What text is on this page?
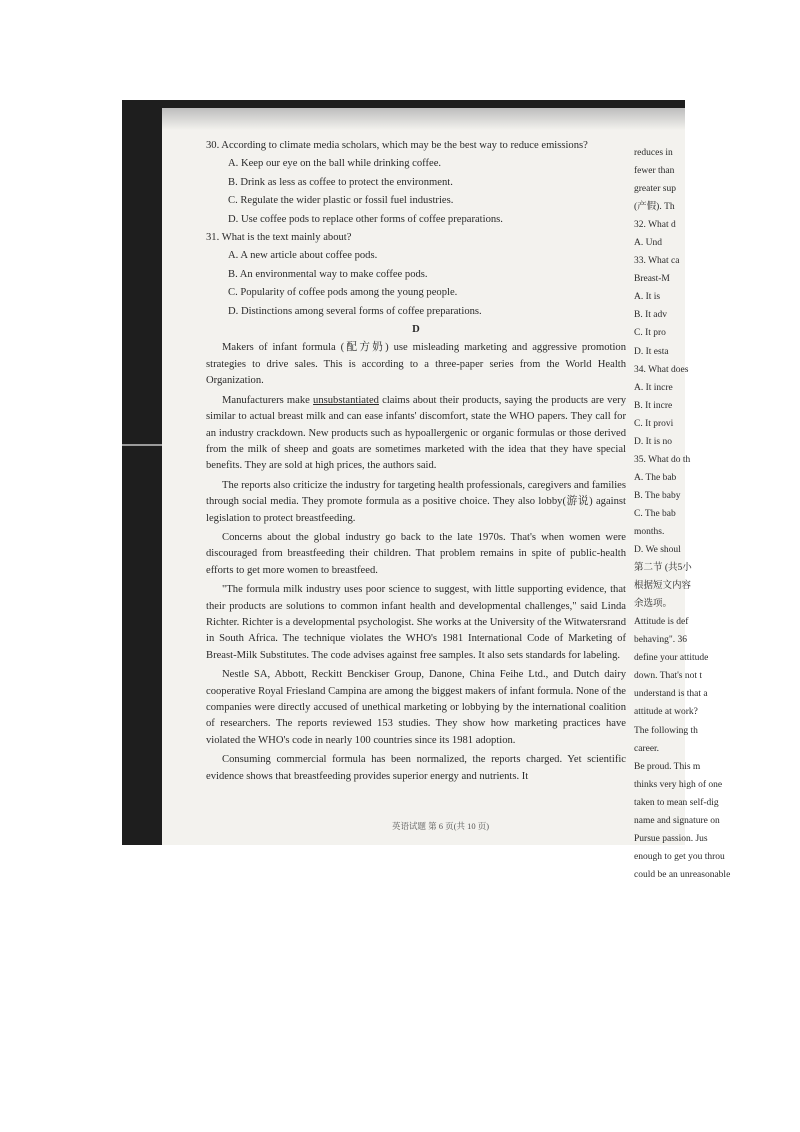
30. According to climate media scholars, which may be the best way to reduce emissions?
A. Keep our eye on the ball while drinking coffee.
B. Drink as less as coffee to protect the environment.
C. Regulate the wider plastic or fossil fuel industries.
D. Use coffee pods to replace other forms of coffee preparations.
31. What is the text mainly about?
A. A new article about coffee pods.
B. An environmental way to make coffee pods.
C. Popularity of coffee pods among the young people.
D. Distinctions among several forms of coffee preparations.
D

Makers of infant formula (配方奶) use misleading marketing and aggressive promotion strategies to drive sales. This is according to a three-paper series from the World Health Organization.

Manufacturers make unsubstantiated claims about their products, saying the products are very similar to actual breast milk and can ease infants' discomfort, state the WHO papers. They call for an industry crackdown. New products such as hypoallergenic or organic formulas or those derived from the milk of sheep and goats are sometimes marketed with the idea that they have special benefits. They are sold at high prices, the authors said.

The reports also criticize the industry for targeting health professionals, caregivers and families through social media. They promote formula as a positive choice. They also lobby(游说) against legislation to protect breastfeeding.

Concerns about the global industry go back to the late 1970s. That's when women were discouraged from breastfeeding their children. That problem remains in spite of public-health efforts to get more women to breastfeed.

"The formula milk industry uses poor science to suggest, with little supporting evidence, that their products are solutions to common infant health and developmental challenges," said Linda Richter. Richter is a developmental psychologist. She works at the University of the Witwatersrand in South Africa. The technique violates the WHO's 1981 International Code of Marketing of Breast-Milk Substitutes. The code advises against free samples. It also sets standards for labeling.

Nestle SA, Abbott, Reckitt Benckiser Group, Danone, China Feihe Ltd., and Dutch dairy cooperative Royal Friesland Campina are among the biggest makers of infant formula. None of the companies were directly accused of unethical marketing or lobbying by the international coalition of researchers. The reports reviewed 153 studies. They show how marketing practices have violated the WHO's code in nearly 100 countries since its 1981 adoption.

Consuming commercial formula has been normalized, the reports charged. Yet scientific evidence shows that breastfeeding provides superior energy and nutrients. It

英语试题 第 6 页(共 10 页)
reduces in
fewer than
greater sup
(产假). Th
32. What d
A. Und
33. What ca
Breast-M
A. It is
B. It adv
C. It pro
D. It esta
34. What does
A. It incre
B. It incre
C. It provi
D. It is no
35. What do th
A. The bab
B. The baby
C. The bab
months.
D. We shoul
第二节 (共5小
根据短文内容
余选项。
Attitude is def
behaving". 36
define your attitude
down. That's not t
understand is that a
attitude at work?
The following th
career.
Be proud. This m
thinks very high of one
taken to mean self-dig
name and signature on
Pursue passion. Jus
enough to get you throu
could be an unreasonable
